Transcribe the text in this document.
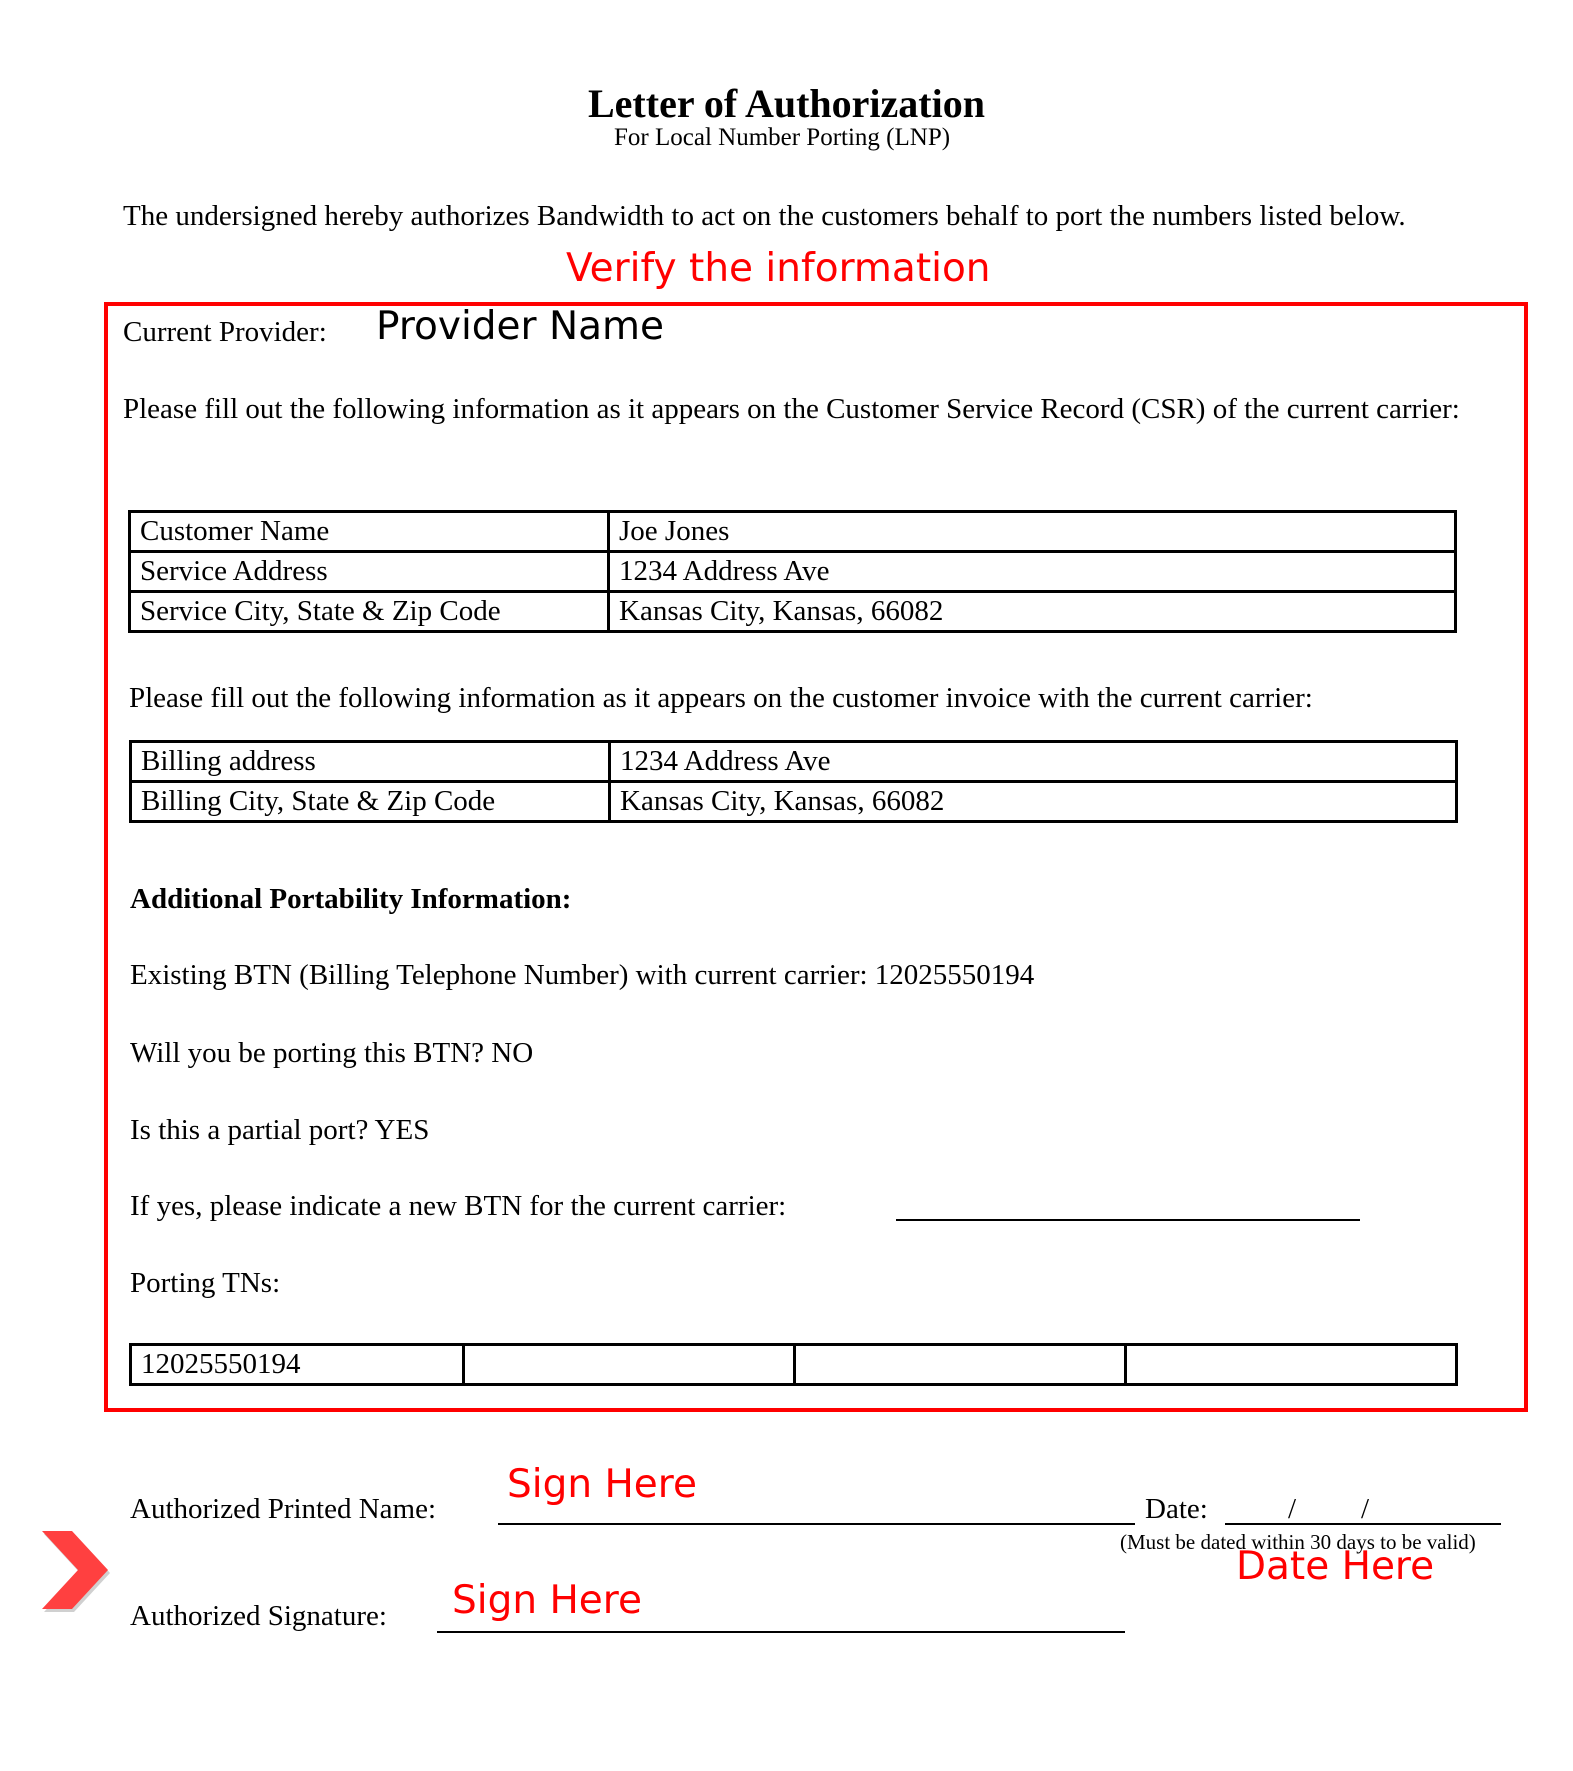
Letter of Authorization
For Local Number Porting (LNP)
The undersigned hereby authorizes Bandwidth to act on the customers behalf to port the numbers listed below.
Verify the information
Current Provider: Provider Name
Please fill out the following information as it appears on the Customer Service Record (CSR) of the current carrier:
Customer Name	Joe Jones
Service Address	1234 Address Ave
Service City, State & Zip Code	Kansas City, Kansas, 66082
Please fill out the following information as it appears on the customer invoice with the current carrier:
Billing address	1234 Address Ave
Billing City, State & Zip Code	Kansas City, Kansas, 66082
Additional Portability Information:
Existing BTN (Billing Telephone Number) with current carrier: 12025550194
Will you be porting this BTN? NO
Is this a partial port? YES
If yes, please indicate a new BTN for the current carrier:
Porting TNs:
12025550194			
Authorized Printed Name:
Sign Here
Date:	/ /
(Must be dated within 30 days to be valid)
Date Here
Authorized Signature: Sign Here
